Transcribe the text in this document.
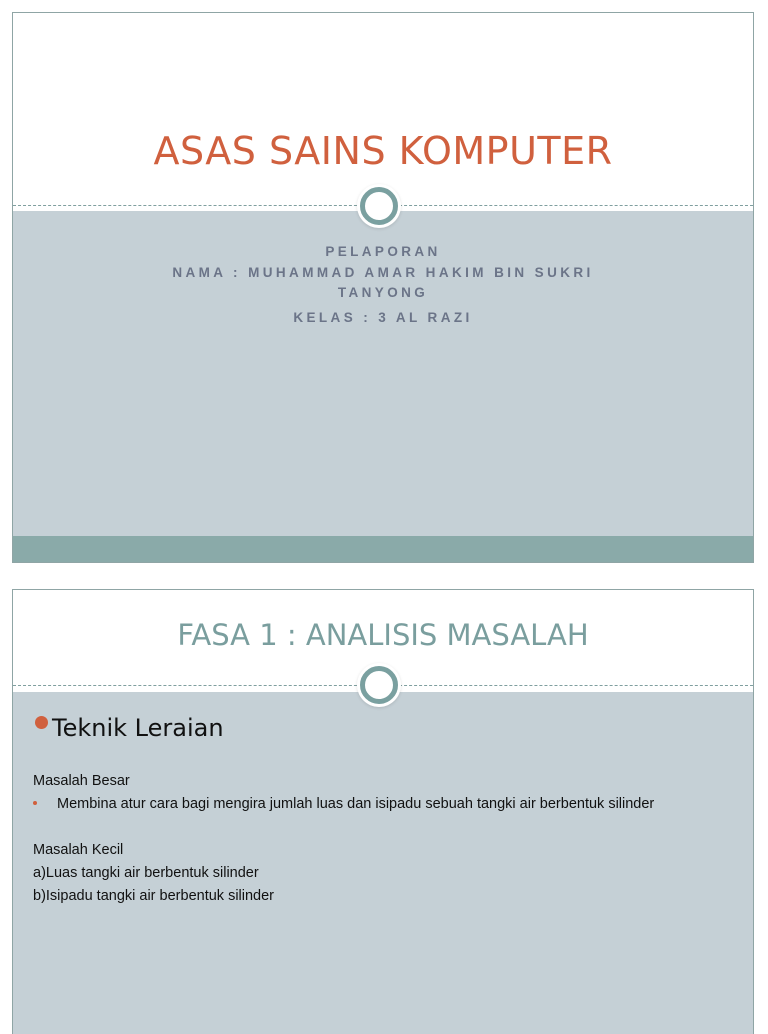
ASAS SAINS KOMPUTER
PELAPORAN
NAMA : MUHAMMAD AMAR HAKIM BIN SUKRI
TANYONG
KELAS : 3 AL RAZI
FASA 1 : ANALISIS MASALAH
Teknik Leraian
Masalah Besar
Membina atur cara bagi mengira jumlah luas dan isipadu sebuah tangki air berbentuk silinder
Masalah Kecil
a)Luas tangki air berbentuk silinder
b)Isipadu tangki air berbentuk silinder
